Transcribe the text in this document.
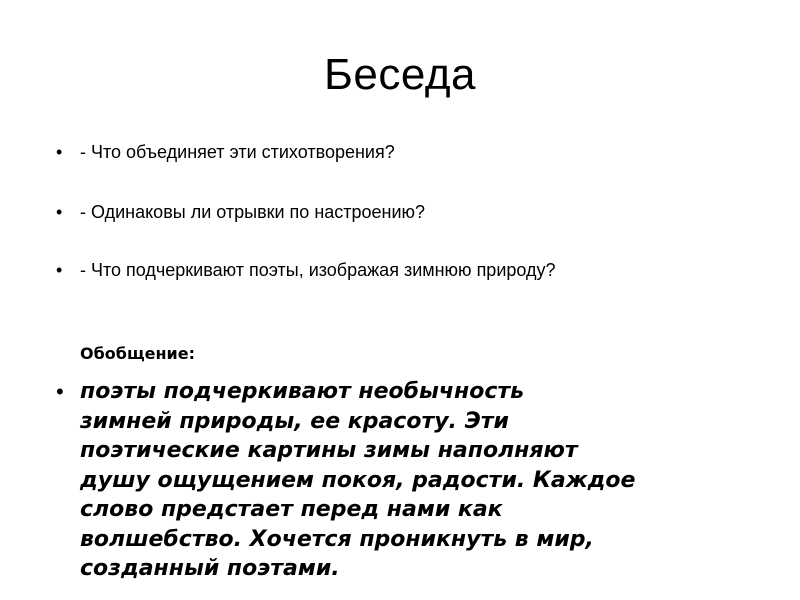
Беседа
• - Что объединяет эти стихотворения?
• - Одинаковы ли отрывки по настроению?
• - Что подчеркивают поэты, изображая зимнюю природу?
Обобщение:
• поэты подчеркивают необычность
зимней природы, ее красоту. Эти
поэтические картины зимы наполняют
душу ощущением покоя, радости. Каждое
слово предстает перед нами как
волшебство. Хочется проникнуть в мир,
созданный поэтами.
